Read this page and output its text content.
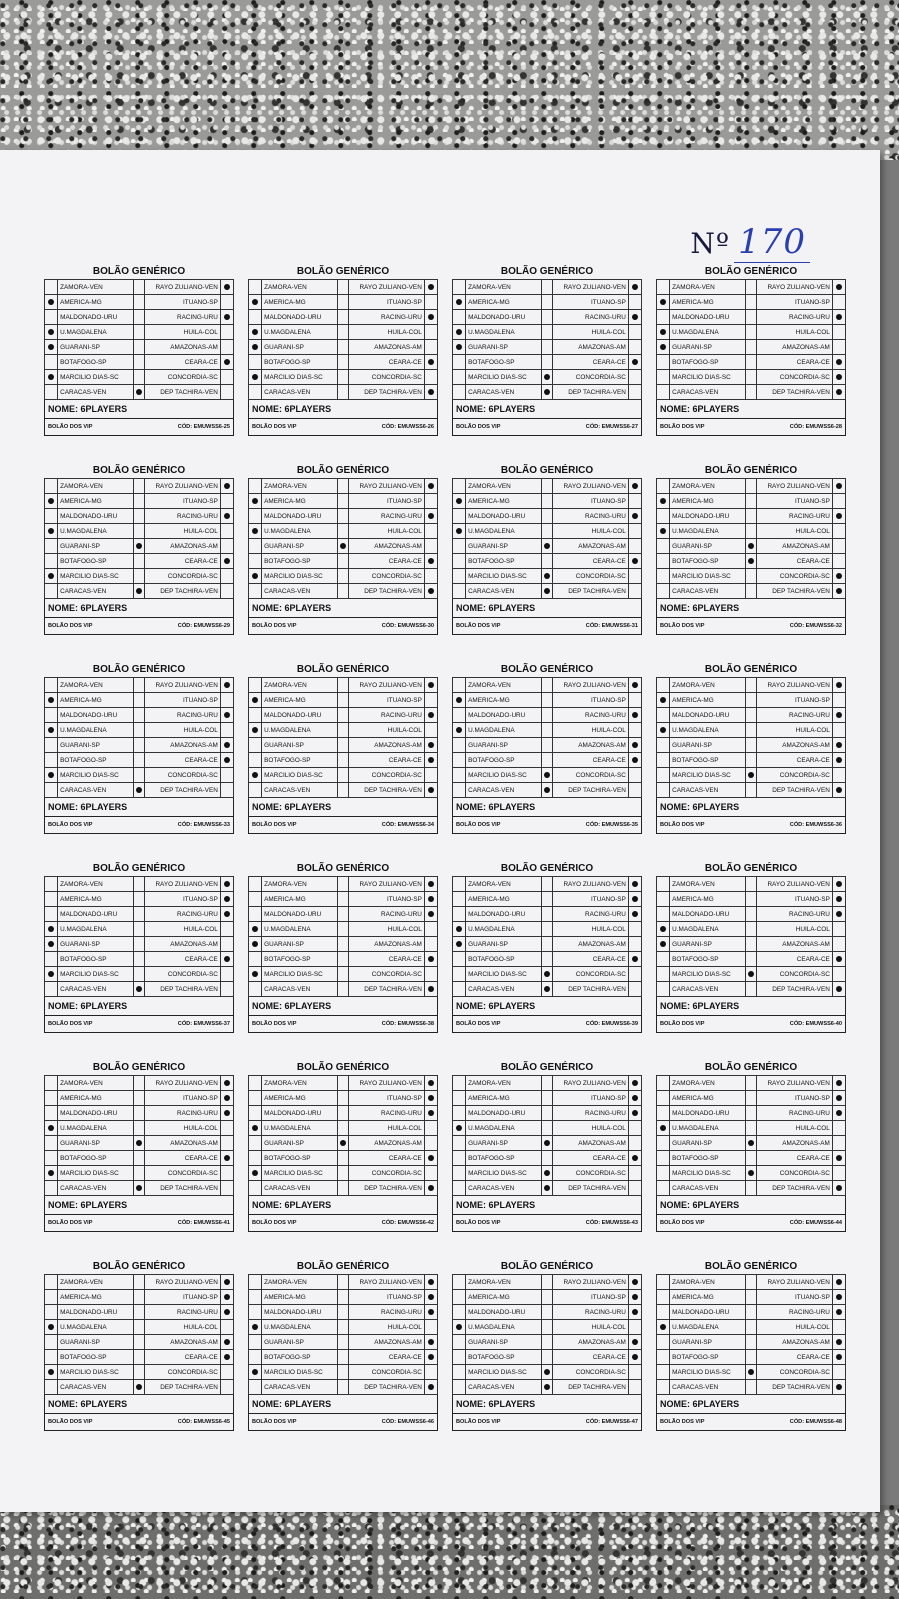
Nº 170
BOLÃO GENÉRICO
	ZAMORA-VEN		RAYO ZULIANO-VEN	
	AMERICA-MG		ITUANO-SP	
	MALDONADO-URU		RACING-URU	
	U.MAGDALENA		HUILA-COL	
	GUARANI-SP		AMAZONAS-AM	
	BOTAFOGO-SP		CEARA-CE	
	MARCILIO DIAS-SC		CONCORDIA-SC	
	CARACAS-VEN		DEP TACHIRA-VEN	
NOME: 6PLAYERS
BOLÃO DOS VIP	CÓD: EMUWSS6-25
BOLÃO GENÉRICO
	ZAMORA-VEN		RAYO ZULIANO-VEN	
	AMERICA-MG		ITUANO-SP	
	MALDONADO-URU		RACING-URU	
	U.MAGDALENA		HUILA-COL	
	GUARANI-SP		AMAZONAS-AM	
	BOTAFOGO-SP		CEARA-CE	
	MARCILIO DIAS-SC		CONCORDIA-SC	
	CARACAS-VEN		DEP TACHIRA-VEN	
NOME: 6PLAYERS
BOLÃO DOS VIP	CÓD: EMUWSS6-26
BOLÃO GENÉRICO
	ZAMORA-VEN		RAYO ZULIANO-VEN	
	AMERICA-MG		ITUANO-SP	
	MALDONADO-URU		RACING-URU	
	U.MAGDALENA		HUILA-COL	
	GUARANI-SP		AMAZONAS-AM	
	BOTAFOGO-SP		CEARA-CE	
	MARCILIO DIAS-SC		CONCORDIA-SC	
	CARACAS-VEN		DEP TACHIRA-VEN	
NOME: 6PLAYERS
BOLÃO DOS VIP	CÓD: EMUWSS6-27
BOLÃO GENÉRICO
	ZAMORA-VEN		RAYO ZULIANO-VEN	
	AMERICA-MG		ITUANO-SP	
	MALDONADO-URU		RACING-URU	
	U.MAGDALENA		HUILA-COL	
	GUARANI-SP		AMAZONAS-AM	
	BOTAFOGO-SP		CEARA-CE	
	MARCILIO DIAS-SC		CONCORDIA-SC	
	CARACAS-VEN		DEP TACHIRA-VEN	
NOME: 6PLAYERS
BOLÃO DOS VIP	CÓD: EMUWSS6-28
BOLÃO GENÉRICO
	ZAMORA-VEN		RAYO ZULIANO-VEN	
	AMERICA-MG		ITUANO-SP	
	MALDONADO-URU		RACING-URU	
	U.MAGDALENA		HUILA-COL	
	GUARANI-SP		AMAZONAS-AM	
	BOTAFOGO-SP		CEARA-CE	
	MARCILIO DIAS-SC		CONCORDIA-SC	
	CARACAS-VEN		DEP TACHIRA-VEN	
NOME: 6PLAYERS
BOLÃO DOS VIP	CÓD: EMUWSS6-29
BOLÃO GENÉRICO
	ZAMORA-VEN		RAYO ZULIANO-VEN	
	AMERICA-MG		ITUANO-SP	
	MALDONADO-URU		RACING-URU	
	U.MAGDALENA		HUILA-COL	
	GUARANI-SP		AMAZONAS-AM	
	BOTAFOGO-SP		CEARA-CE	
	MARCILIO DIAS-SC		CONCORDIA-SC	
	CARACAS-VEN		DEP TACHIRA-VEN	
NOME: 6PLAYERS
BOLÃO DOS VIP	CÓD: EMUWSS6-30
BOLÃO GENÉRICO
	ZAMORA-VEN		RAYO ZULIANO-VEN	
	AMERICA-MG		ITUANO-SP	
	MALDONADO-URU		RACING-URU	
	U.MAGDALENA		HUILA-COL	
	GUARANI-SP		AMAZONAS-AM	
	BOTAFOGO-SP		CEARA-CE	
	MARCILIO DIAS-SC		CONCORDIA-SC	
	CARACAS-VEN		DEP TACHIRA-VEN	
NOME: 6PLAYERS
BOLÃO DOS VIP	CÓD: EMUWSS6-31
BOLÃO GENÉRICO
	ZAMORA-VEN		RAYO ZULIANO-VEN	
	AMERICA-MG		ITUANO-SP	
	MALDONADO-URU		RACING-URU	
	U.MAGDALENA		HUILA-COL	
	GUARANI-SP		AMAZONAS-AM	
	BOTAFOGO-SP		CEARA-CE	
	MARCILIO DIAS-SC		CONCORDIA-SC	
	CARACAS-VEN		DEP TACHIRA-VEN	
NOME: 6PLAYERS
BOLÃO DOS VIP	CÓD: EMUWSS6-32
BOLÃO GENÉRICO
	ZAMORA-VEN		RAYO ZULIANO-VEN	
	AMERICA-MG		ITUANO-SP	
	MALDONADO-URU		RACING-URU	
	U.MAGDALENA		HUILA-COL	
	GUARANI-SP		AMAZONAS-AM	
	BOTAFOGO-SP		CEARA-CE	
	MARCILIO DIAS-SC		CONCORDIA-SC	
	CARACAS-VEN		DEP TACHIRA-VEN	
NOME: 6PLAYERS
BOLÃO DOS VIP	CÓD: EMUWSS6-33
BOLÃO GENÉRICO
	ZAMORA-VEN		RAYO ZULIANO-VEN	
	AMERICA-MG		ITUANO-SP	
	MALDONADO-URU		RACING-URU	
	U.MAGDALENA		HUILA-COL	
	GUARANI-SP		AMAZONAS-AM	
	BOTAFOGO-SP		CEARA-CE	
	MARCILIO DIAS-SC		CONCORDIA-SC	
	CARACAS-VEN		DEP TACHIRA-VEN	
NOME: 6PLAYERS
BOLÃO DOS VIP	CÓD: EMUWSS6-34
BOLÃO GENÉRICO
	ZAMORA-VEN		RAYO ZULIANO-VEN	
	AMERICA-MG		ITUANO-SP	
	MALDONADO-URU		RACING-URU	
	U.MAGDALENA		HUILA-COL	
	GUARANI-SP		AMAZONAS-AM	
	BOTAFOGO-SP		CEARA-CE	
	MARCILIO DIAS-SC		CONCORDIA-SC	
	CARACAS-VEN		DEP TACHIRA-VEN	
NOME: 6PLAYERS
BOLÃO DOS VIP	CÓD: EMUWSS6-35
BOLÃO GENÉRICO
	ZAMORA-VEN		RAYO ZULIANO-VEN	
	AMERICA-MG		ITUANO-SP	
	MALDONADO-URU		RACING-URU	
	U.MAGDALENA		HUILA-COL	
	GUARANI-SP		AMAZONAS-AM	
	BOTAFOGO-SP		CEARA-CE	
	MARCILIO DIAS-SC		CONCORDIA-SC	
	CARACAS-VEN		DEP TACHIRA-VEN	
NOME: 6PLAYERS
BOLÃO DOS VIP	CÓD: EMUWSS6-36
BOLÃO GENÉRICO
	ZAMORA-VEN		RAYO ZULIANO-VEN	
	AMERICA-MG		ITUANO-SP	
	MALDONADO-URU		RACING-URU	
	U.MAGDALENA		HUILA-COL	
	GUARANI-SP		AMAZONAS-AM	
	BOTAFOGO-SP		CEARA-CE	
	MARCILIO DIAS-SC		CONCORDIA-SC	
	CARACAS-VEN		DEP TACHIRA-VEN	
NOME: 6PLAYERS
BOLÃO DOS VIP	CÓD: EMUWSS6-37
BOLÃO GENÉRICO
	ZAMORA-VEN		RAYO ZULIANO-VEN	
	AMERICA-MG		ITUANO-SP	
	MALDONADO-URU		RACING-URU	
	U.MAGDALENA		HUILA-COL	
	GUARANI-SP		AMAZONAS-AM	
	BOTAFOGO-SP		CEARA-CE	
	MARCILIO DIAS-SC		CONCORDIA-SC	
	CARACAS-VEN		DEP TACHIRA-VEN	
NOME: 6PLAYERS
BOLÃO DOS VIP	CÓD: EMUWSS6-38
BOLÃO GENÉRICO
	ZAMORA-VEN		RAYO ZULIANO-VEN	
	AMERICA-MG		ITUANO-SP	
	MALDONADO-URU		RACING-URU	
	U.MAGDALENA		HUILA-COL	
	GUARANI-SP		AMAZONAS-AM	
	BOTAFOGO-SP		CEARA-CE	
	MARCILIO DIAS-SC		CONCORDIA-SC	
	CARACAS-VEN		DEP TACHIRA-VEN	
NOME: 6PLAYERS
BOLÃO DOS VIP	CÓD: EMUWSS6-39
BOLÃO GENÉRICO
	ZAMORA-VEN		RAYO ZULIANO-VEN	
	AMERICA-MG		ITUANO-SP	
	MALDONADO-URU		RACING-URU	
	U.MAGDALENA		HUILA-COL	
	GUARANI-SP		AMAZONAS-AM	
	BOTAFOGO-SP		CEARA-CE	
	MARCILIO DIAS-SC		CONCORDIA-SC	
	CARACAS-VEN		DEP TACHIRA-VEN	
NOME: 6PLAYERS
BOLÃO DOS VIP	CÓD: EMUWSS6-40
BOLÃO GENÉRICO
	ZAMORA-VEN		RAYO ZULIANO-VEN	
	AMERICA-MG		ITUANO-SP	
	MALDONADO-URU		RACING-URU	
	U.MAGDALENA		HUILA-COL	
	GUARANI-SP		AMAZONAS-AM	
	BOTAFOGO-SP		CEARA-CE	
	MARCILIO DIAS-SC		CONCORDIA-SC	
	CARACAS-VEN		DEP TACHIRA-VEN	
NOME: 6PLAYERS
BOLÃO DOS VIP	CÓD: EMUWSS6-41
BOLÃO GENÉRICO
	ZAMORA-VEN		RAYO ZULIANO-VEN	
	AMERICA-MG		ITUANO-SP	
	MALDONADO-URU		RACING-URU	
	U.MAGDALENA		HUILA-COL	
	GUARANI-SP		AMAZONAS-AM	
	BOTAFOGO-SP		CEARA-CE	
	MARCILIO DIAS-SC		CONCORDIA-SC	
	CARACAS-VEN		DEP TACHIRA-VEN	
NOME: 6PLAYERS
BOLÃO DOS VIP	CÓD: EMUWSS6-42
BOLÃO GENÉRICO
	ZAMORA-VEN		RAYO ZULIANO-VEN	
	AMERICA-MG		ITUANO-SP	
	MALDONADO-URU		RACING-URU	
	U.MAGDALENA		HUILA-COL	
	GUARANI-SP		AMAZONAS-AM	
	BOTAFOGO-SP		CEARA-CE	
	MARCILIO DIAS-SC		CONCORDIA-SC	
	CARACAS-VEN		DEP TACHIRA-VEN	
NOME: 6PLAYERS
BOLÃO DOS VIP	CÓD: EMUWSS6-43
BOLÃO GENÉRICO
	ZAMORA-VEN		RAYO ZULIANO-VEN	
	AMERICA-MG		ITUANO-SP	
	MALDONADO-URU		RACING-URU	
	U.MAGDALENA		HUILA-COL	
	GUARANI-SP		AMAZONAS-AM	
	BOTAFOGO-SP		CEARA-CE	
	MARCILIO DIAS-SC		CONCORDIA-SC	
	CARACAS-VEN		DEP TACHIRA-VEN	
NOME: 6PLAYERS
BOLÃO DOS VIP	CÓD: EMUWSS6-44
BOLÃO GENÉRICO
	ZAMORA-VEN		RAYO ZULIANO-VEN	
	AMERICA-MG		ITUANO-SP	
	MALDONADO-URU		RACING-URU	
	U.MAGDALENA		HUILA-COL	
	GUARANI-SP		AMAZONAS-AM	
	BOTAFOGO-SP		CEARA-CE	
	MARCILIO DIAS-SC		CONCORDIA-SC	
	CARACAS-VEN		DEP TACHIRA-VEN	
NOME: 6PLAYERS
BOLÃO DOS VIP	CÓD: EMUWSS6-45
BOLÃO GENÉRICO
	ZAMORA-VEN		RAYO ZULIANO-VEN	
	AMERICA-MG		ITUANO-SP	
	MALDONADO-URU		RACING-URU	
	U.MAGDALENA		HUILA-COL	
	GUARANI-SP		AMAZONAS-AM	
	BOTAFOGO-SP		CEARA-CE	
	MARCILIO DIAS-SC		CONCORDIA-SC	
	CARACAS-VEN		DEP TACHIRA-VEN	
NOME: 6PLAYERS
BOLÃO DOS VIP	CÓD: EMUWSS6-46
BOLÃO GENÉRICO
	ZAMORA-VEN		RAYO ZULIANO-VEN	
	AMERICA-MG		ITUANO-SP	
	MALDONADO-URU		RACING-URU	
	U.MAGDALENA		HUILA-COL	
	GUARANI-SP		AMAZONAS-AM	
	BOTAFOGO-SP		CEARA-CE	
	MARCILIO DIAS-SC		CONCORDIA-SC	
	CARACAS-VEN		DEP TACHIRA-VEN	
NOME: 6PLAYERS
BOLÃO DOS VIP	CÓD: EMUWSS6-47
BOLÃO GENÉRICO
	ZAMORA-VEN		RAYO ZULIANO-VEN	
	AMERICA-MG		ITUANO-SP	
	MALDONADO-URU		RACING-URU	
	U.MAGDALENA		HUILA-COL	
	GUARANI-SP		AMAZONAS-AM	
	BOTAFOGO-SP		CEARA-CE	
	MARCILIO DIAS-SC		CONCORDIA-SC	
	CARACAS-VEN		DEP TACHIRA-VEN	
NOME: 6PLAYERS
BOLÃO DOS VIP	CÓD: EMUWSS6-48
